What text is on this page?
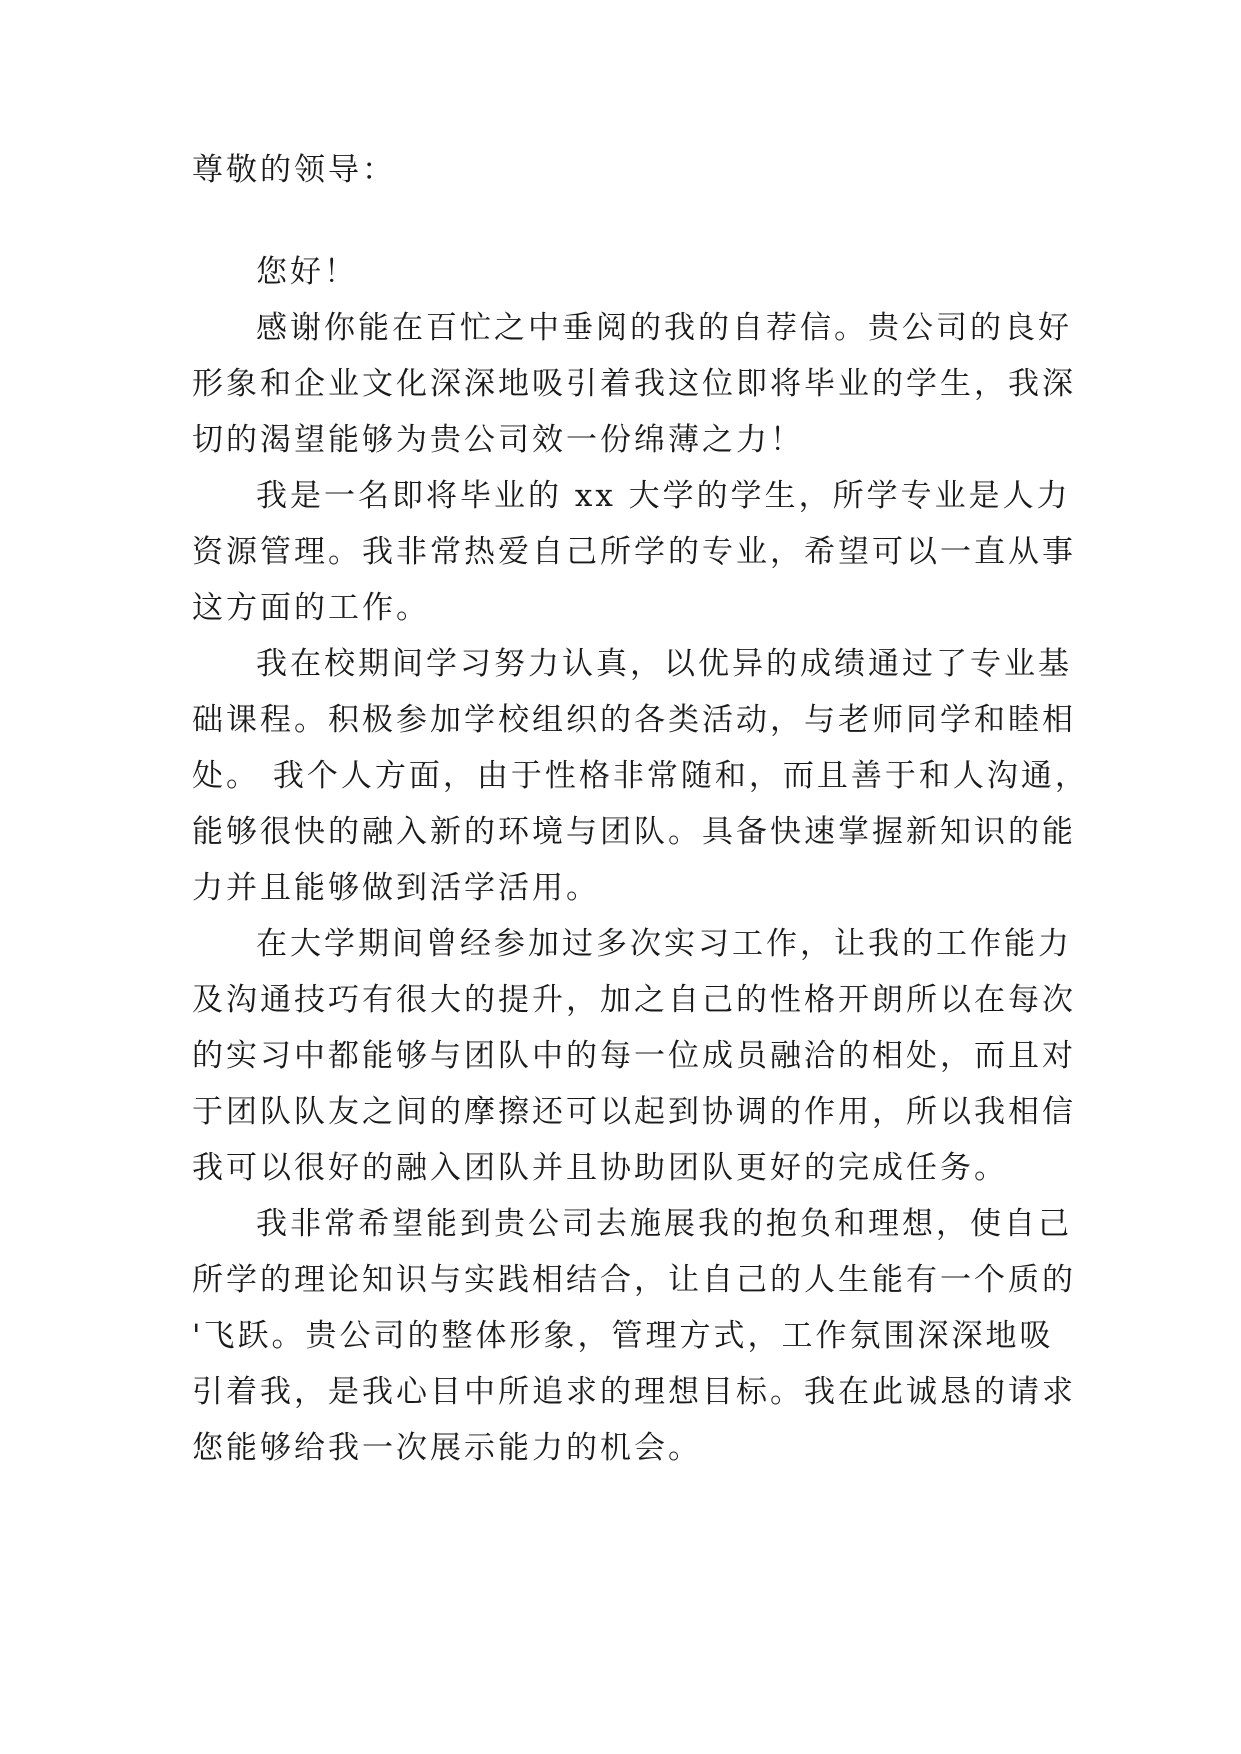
尊敬的领导：
您好！
感谢你能在百忙之中垂阅的我的自荐信。贵公司的良好
形象和企业文化深深地吸引着我这位即将毕业的学生，我深
切的渴望能够为贵公司效一份绵薄之力！
我是一名即将毕业的 xx 大学的学生，所学专业是人力
资源管理。我非常热爱自己所学的专业，希望可以一直从事
这方面的工作。
我在校期间学习努力认真，以优异的成绩通过了专业基
础课程。积极参加学校组织的各类活动，与老师同学和睦相
处。 我个人方面，由于性格非常随和，而且善于和人沟通，
能够很快的融入新的环境与团队。具备快速掌握新知识的能
力并且能够做到活学活用。
在大学期间曾经参加过多次实习工作，让我的工作能力
及沟通技巧有很大的提升，加之自己的性格开朗所以在每次
的实习中都能够与团队中的每一位成员融洽的相处，而且对
于团队队友之间的摩擦还可以起到协调的作用，所以我相信
我可以很好的融入团队并且协助团队更好的完成任务。
我非常希望能到贵公司去施展我的抱负和理想，使自己
所学的理论知识与实践相结合，让自己的人生能有一个质的
'飞跃。贵公司的整体形象，管理方式，工作氛围深深地吸
引着我，是我心目中所追求的理想目标。我在此诚恳的请求
您能够给我一次展示能力的机会。
